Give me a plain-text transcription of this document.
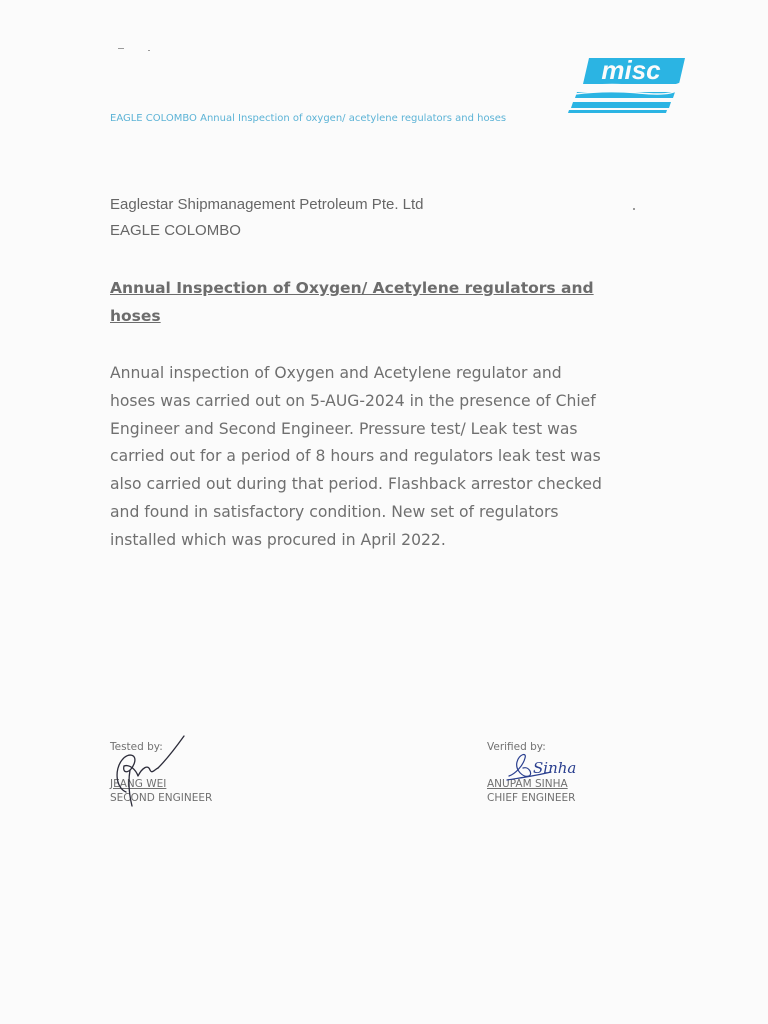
misc
EAGLE COLOMBO Annual Inspection of oxygen/ acetylene regulators and hoses
Eaglestar Shipmanagement Petroleum Pte. Ltd
EAGLE COLOMBO
Annual Inspection of Oxygen/ Acetylene regulators and hoses
Annual inspection of Oxygen and Acetylene regulator and hoses was carried out on 5-AUG-2024 in the presence of Chief Engineer and Second Engineer. Pressure test/ Leak test was carried out for a period of 8 hours and regulators leak test was also carried out during that period. Flashback arrestor checked and found in satisfactory condition. New set of regulators installed which was procured in April 2022.
Tested by:
JEANG WEI
SECOND ENGINEER
Verified by:
ANUPAM SINHA
CHIEF ENGINEER
Sinha
